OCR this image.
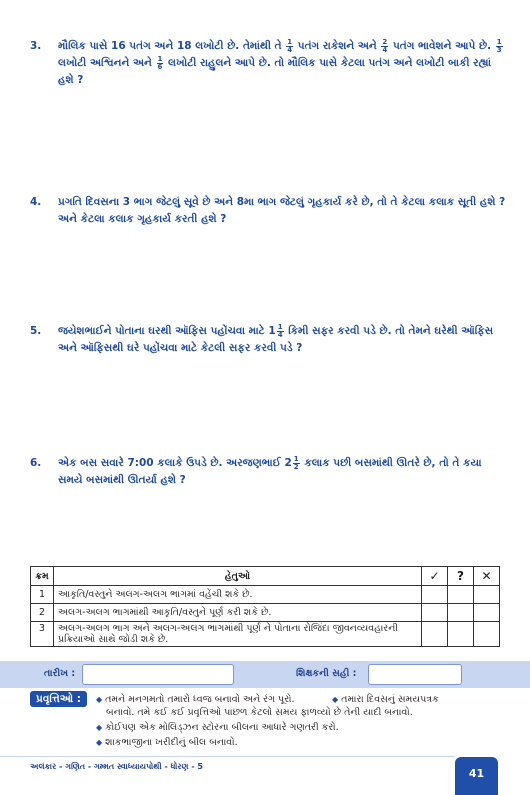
3.	મૌલિક પાસે 16 પતંગ અને 18 લખોટી છે. તેમાંથી તે $\frac{1}{4}$ પતંગ રાકેશને અને $\frac{2}{4}$ પતંગ ભાવેશને આપે છે. $\frac{1}{3}$
લખોટી અશ્વિનને અને $\frac{1}{6}$ લખોટી રાહુલને આપે છે. તો મૌલિક પાસે કેટલા પતંગ અને લખોટી બાકી રહ્યાં હશે ?
4.	પ્રગતિ દિવસના 3 ભાગ જેટલું સૂવે છે અને 8મા ભાગ જેટલું ગૃહકાર્ય કરે છે, તો તે કેટલા કલાક સૂતી હશે ? અને કેટલા કલાક ગૃહકાર્ય કરતી હશે ?
5.	જયેશભાઈને પોતાના ઘરથી ઑફિસ પહોંચવા માટે $1 \frac{1}{4}$ કિમી સફર કરવી પડે છે. તો તેમને ઘરેથી ઑફિસ અને ઑફિસથી ઘરે પહોંચવા માટે કેટલી સફર કરવી પડે ?
6.	એક બસ સવારે 7:00 કલાકે ઉપડે છે. અરજણભાઈ $2 \frac{1}{2}$ કલાક પછી બસમાંથી ઊતરે છે, તો તે કયા સમયે બસમાંથી ઊતર્યા હશે ?
ક્રમ	હેતુઓ	✓	?	✕
1	આકૃતિ/વસ્તુને અલગ-અલગ ભાગમાં વહેંચી શકે છે.			
2	અલગ-અલગ ભાગમાંથી આકૃતિ/વસ્તુને પૂર્ણ કરી શકે છે.			
3	અલગ-અલગ ભાગ અને અલગ-અલગ ભાગમાંથી પૂર્ણ ને પોતાના રોજિંદા જીવનવ્યવહારની પ્રક્રિયાઓ સાથે જોડી શકે છે.			
તારીખ :	શિક્ષકની સહી :
પ્રવૃત્તિઓ :	◆ તમને મનગમતો તમારો ધ્વજ બનાવો અને રંગ પૂરો.	◆ તમારા દિવસનું સમયપત્રક
બનાવો. તમે કઈ કઈ પ્રવૃત્તિઓ પાછળ કેટલો સમય ફાળવ્યો છે તેની યાદી બનાવો.
◆ કોઈપણ એક મોલિડ્ઝન સ્ટોરના બીલના આધારે ગણતરી કરો.
◆ શાકભાજીના ખરીદીનું બીલ બનાવો.
અલંકાર - ગણિત - ગમ્મત સ્વાધ્યાયપોથી - ધોરણ - 5
41
